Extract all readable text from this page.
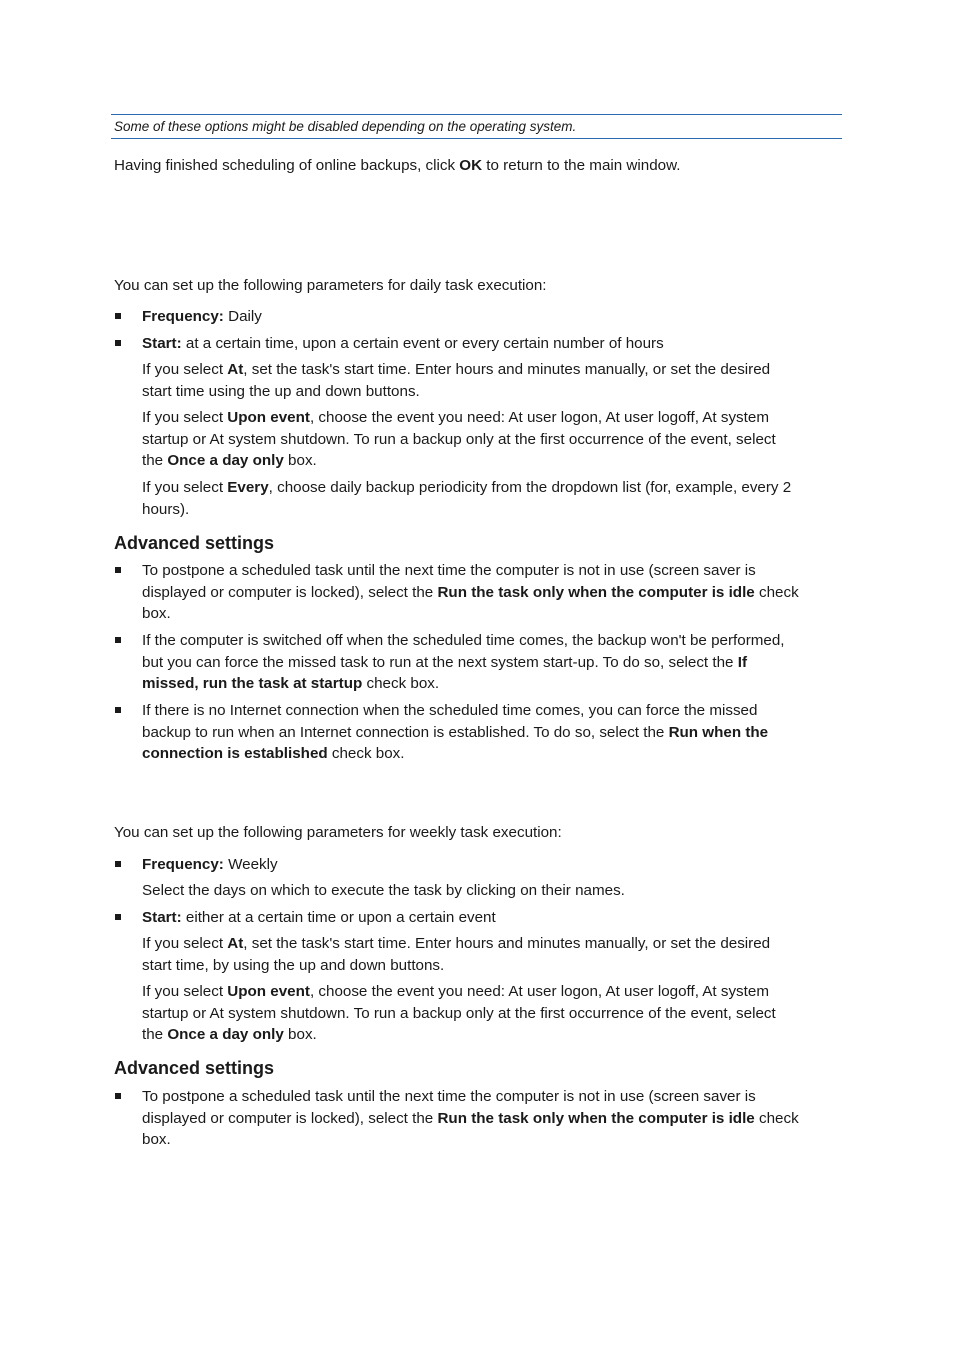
Some of these options might be disabled depending on the operating system.
Having finished scheduling of online backups, click OK to return to the main window.
You can set up the following parameters for daily task execution:
Frequency: Daily
Start: at a certain time, upon a certain event or every certain number of hours
If you select At, set the task's start time. Enter hours and minutes manually, or set the desired
start time using the up and down buttons.
If you select Upon event, choose the event you need: At user logon, At user logoff, At system
startup or At system shutdown. To run a backup only at the first occurrence of the event, select
the Once a day only box.
If you select Every, choose daily backup periodicity from the dropdown list (for, example, every 2
hours).
Advanced settings
To postpone a scheduled task until the next time the computer is not in use (screen saver is
displayed or computer is locked), select the Run the task only when the computer is idle check
box.
If the computer is switched off when the scheduled time comes, the backup won't be performed,
but you can force the missed task to run at the next system start-up. To do so, select the If
missed, run the task at startup check box.
If there is no Internet connection when the scheduled time comes, you can force the missed
backup to run when an Internet connection is established. To do so, select the Run when the
connection is established check box.
You can set up the following parameters for weekly task execution:
Frequency: Weekly
Select the days on which to execute the task by clicking on their names.
Start: either at a certain time or upon a certain event
If you select At, set the task's start time. Enter hours and minutes manually, or set the desired
start time, by using the up and down buttons.
If you select Upon event, choose the event you need: At user logon, At user logoff, At system
startup or At system shutdown. To run a backup only at the first occurrence of the event, select
the Once a day only box.
Advanced settings
To postpone a scheduled task until the next time the computer is not in use (screen saver is
displayed or computer is locked), select the Run the task only when the computer is idle check
box.
